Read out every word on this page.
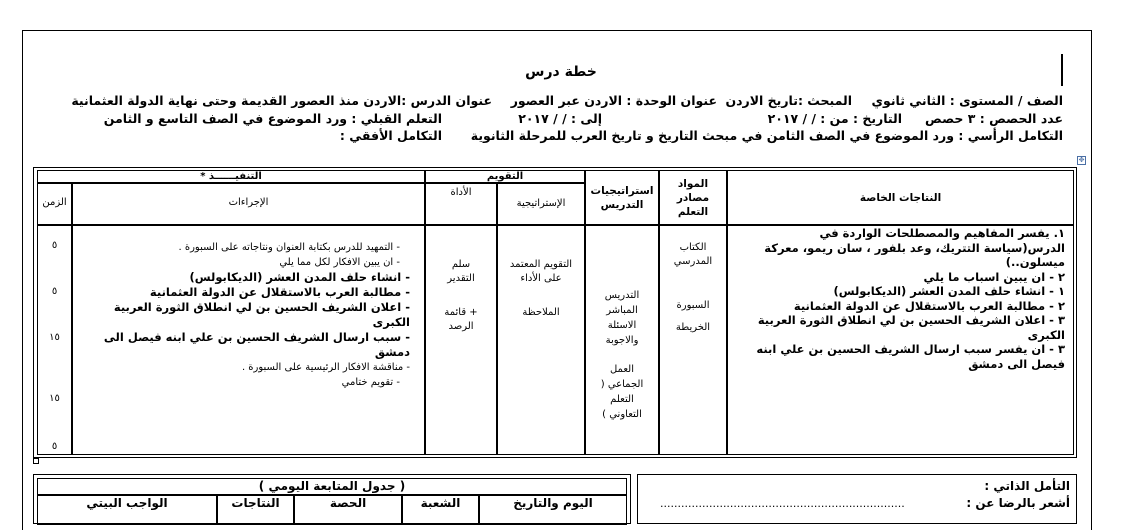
خطة درس
الصف / المستوى : الثاني ثانوي
المبحث :تاريخ الاردن
عنوان الوحدة : الاردن عبر العصور
عنوان الدرس :الاردن منذ العصور القديمة وحتى نهاية الدولة العثمانية
عدد الحصص : ٣ حصص
التاريخ : من : / / ٢٠١٧
إلى : / / ٢٠١٧
التعلم القبلي : ورد الموضوع في الصف التاسع و الثامن
التكامل الرأسي : ورد الموضوع في الصف الثامن في مبحث التاريخ و تاريخ العرب للمرحلة الثانوية
التكامل الأفقي :
✥
النتاجات الخاصة
المواد مصادر التعلم
استراتيجيات التدريس
التقويم
الإستراتيجية
الأداة
التنفيــــــذ *
الإجراءات
الزمن
١. يفسر المفاهيم والمصطلحات الواردة في الدرس(سياسة التتريك، وعد بلفور ، سان ريمو، معركة ميسلون..)
٢ - ان يبين اسباب ما يلي
١ - انشاء حلف المدن العشر (الديكابولس)
٢ - مطالبة العرب بالاستقلال عن الدولة العثمانية
٣ - اعلان الشريف الحسين بن لي انطلاق الثورة العربية الكبرى
٣ - ان يفسر سبب ارسال الشريف الحسين بن علي ابنه فيصل الى دمشق
الكتاب المدرسي
السبورة
الخريطة
التدريس المباشر الاسئلة والاجوبة
العمل الجماعي ( التعلم التعاوني )
التقويم المعتمد على الأداء
الملاحظة
سلم التقدير
+ قائمة الرصد
- التمهيد للدرس بكتابة العنوان ونتاجاته على السبورة .
- ان يبين الافكار لكل مما يلي
- انشاء حلف المدن العشر (الديكابولس)
- مطالبة العرب بالاستقلال عن الدولة العثمانية
- اعلان الشريف الحسين بن لي انطلاق الثورة العربية الكبرى
- سبب ارسال الشريف الحسين بن علي ابنه فيصل الى دمشق
- مناقشة الافكار الرئيسية على السبورة .
- تقويم ختامي
٥
٥
١٥
١٥
٥
التأمل الذاتي :
أشعر بالرضا عن :
......................................................................
( جدول المتابعة اليومي )
اليوم والتاريخ
الشعبة
الحصة
النتاجات
الواجب البيتي
